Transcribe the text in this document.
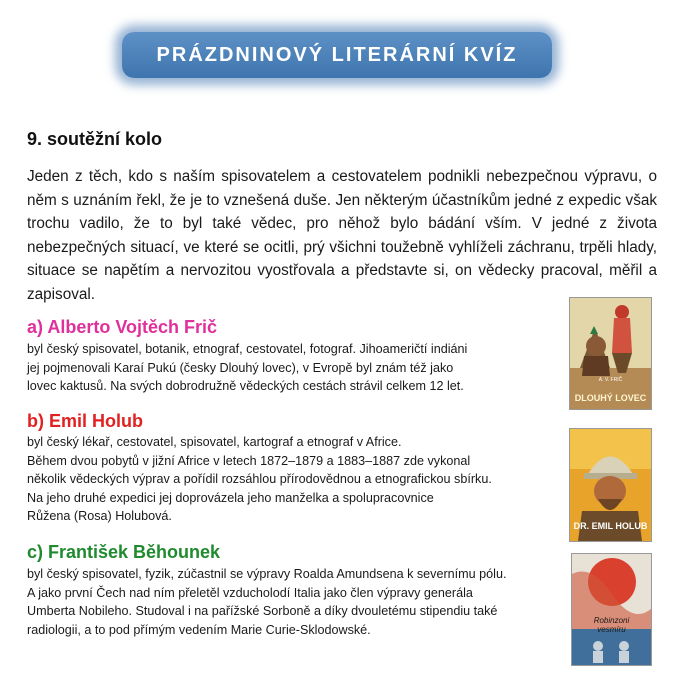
PRÁZDNINOVÝ LITERÁRNÍ KVÍZ
9. soutěžní kolo

Jeden z těch, kdo s naším spisovatelem a cestovatelem podnikli nebezpečnou výpravu, o něm s uznáním řekl, že je to vznešená duše. Jen některým účastníkům jedné z expedic však trochu vadilo, že to byl také vědec, pro něhož bylo bádání vším. V jedné z života nebezpečných situací, ve které se ocitli, prý všichni toužebně vyhlíželi záchranu, trpěli hlady, situace se napětím a nervozitou vyostřovala a představte si, on vědecky pracoval, měřil a zapisoval.

a) Alberto Vojtěch Frič

byl český spisovatel, botanik, etnograf, cestovatel, fotograf. Jihoameričtí indiáni
jej pojmenovali Karaí Pukú (česky Dlouhý lovec), v Evropě byl znám též jako
lovec kaktusů. Na svých dobrodružně vědeckých cestách strávil celkem 12 let.	A. V. FRIČ
DLOUHÝ LOVEC
b) Emil Holub

byl český lékař, cestovatel, spisovatel, kartograf a etnograf v Africe.
Během dvou pobytů v jižní Africe v letech 1872–1879 a 1883–1887 zde vykonal
několik vědeckých výprav a pořídil rozsáhlou přírodovědnou a etnografickou sbírku.
Na jeho druhé expedici jej doprovázela jeho manželka a spolupracovnice
Růžena (Rosa) Holubová.

DR. EMIL HOLUB
c) František Běhounek

byl český spisovatel, fyzik, zúčastnil se výpravy Roalda Amundsena k severnímu pólu.
A jako první Čech nad ním přeletěl vzducholodí Italia jako člen výpravy generála
Umberta Nobileho. Studoval i na pařížské Sorboně a díky dvouletému stipendiu také
radiologii, a to pod přímým vedením Marie Curie-Sklodowské.

Robinzoni
vesmíru
